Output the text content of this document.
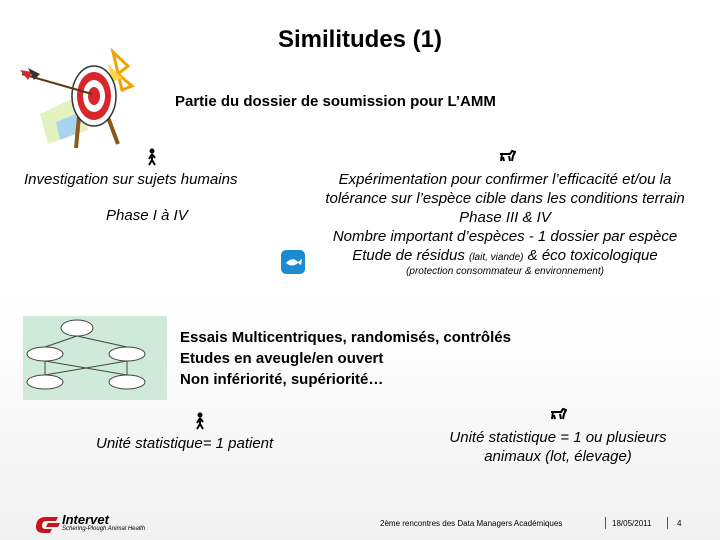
Similitudes (1)
Partie du dossier de soumission pour L’AMM
Investigation sur sujets humains
Phase I à IV
Expérimentation pour confirmer l’efficacité et/ou la
tolérance sur l’espèce cible dans les conditions terrain
Phase III & IV
Nombre important d’espèces - 1 dossier par espèce
Etude de résidus (lait, viande) & éco toxicologique
(protection consommateur & environnement)
Essais Multicentriques, randomisés, contrôlés
Etudes en aveugle/en ouvert
Non infériorité, supériorité…
Unité statistique= 1 patient	Unité statistique = 1 ou plusieurs
animaux (lot, élevage)
Intervet
Schering-Plough Animal Health
2ème rencontres des Data Managers Académiques	18/05/2011	4
